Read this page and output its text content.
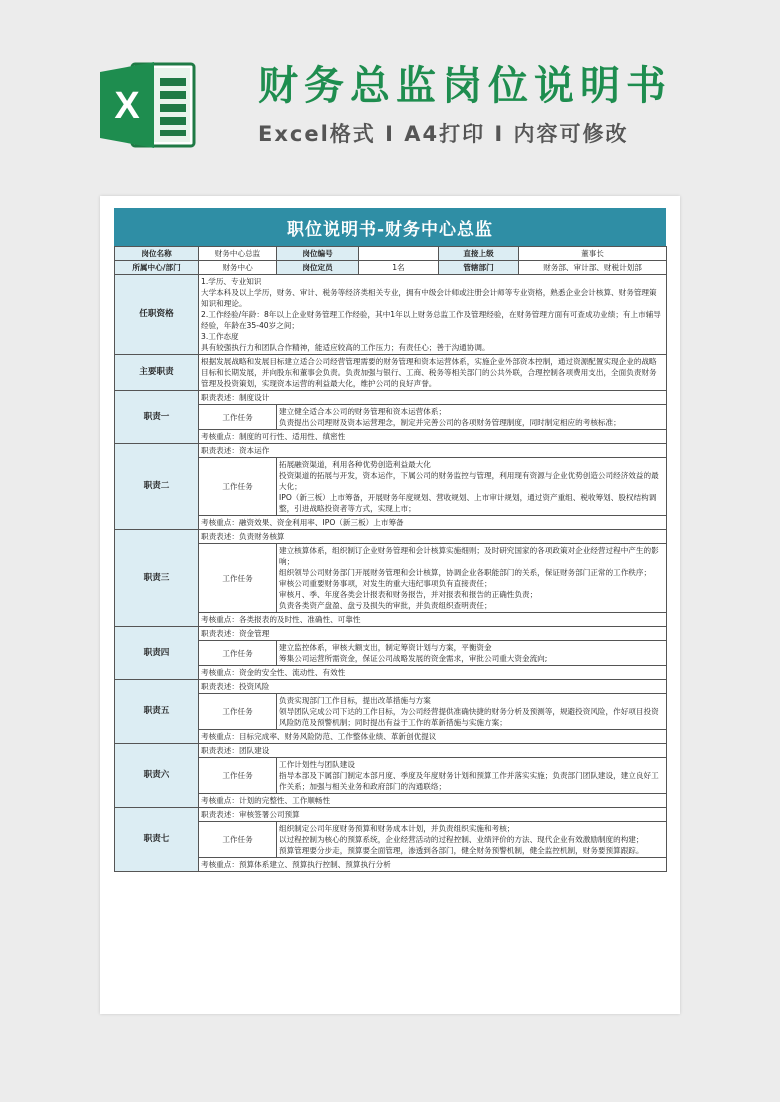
X	财务总监岗位说明书
Excel格式 I A4打印 I 内容可修改
职位说明书-财务中心总监
岗位名称	财务中心总监	岗位编号		直接上级	董事长
所属中心/部门	财务中心	岗位定员	1名	管辖部门	财务部、审计部、财税计划部
任职资格	1.学历、专业知识
大学本科及以上学历，财务、审计、税务等经济类相关专业，拥有中级会计师或注册会计师等专业资格，熟悉企业会计核算、财务管理策知识和理论。
2.工作经验/年龄：8年以上企业财务管理工作经验，其中1年以上财务总监工作及管理经验，在财务管理方面有可查成功业绩；有上市辅导经验，年龄在35-40岁之间；
3.工作态度
具有较强执行力和团队合作精神，能适应较高的工作压力；有责任心；善于沟通协调。				

主要职责	根据发展战略和发展目标建立适合公司经营管理需要的财务管理和资本运营体系，实施企业外部资本控制，通过资源配置实现企业的战略目标和长期发展，并向股东和董事会负责。负责加强与银行、工商、税务等相关部门的公共外联，合理控制各项费用支出，全面负责财务管理及投资策划，实现资本运营的利益最大化，维护公司的良好声誉。				
职责一	职责表述：制度设计				
	工作任务	建立健全适合本公司的财务管理和资本运营体系；
负责提出公司理财及资本运营理念，制定并完善公司的各项财务管理制度，同时制定相应的考核标准；			

	考核重点：制度的可行性、适用性、缜密性				
职责二	职责表述：资本运作				
	工作任务	拓展融资渠道，利用各种优势创造利益最大化
投资渠道的拓展与开发，资本运作，下属公司的财务监控与管理，利用现有资源与企业优势创造公司经济效益的最大化；
IPO（新三板）上市筹备，开展财务年度规划、营收规划、上市审计规划，通过资产重组、税收筹划、股权结构调整，引进战略投资者等方式，实现上市；			

	考核重点：融资效果、资金利用率、IPO（新三板）上市筹备				
职责三	职责表述：负责财务核算				
	工作任务	建立核算体系，组织制订企业财务管理和会计核算实施细则；及时研究国家的各项政策对企业经营过程中产生的影响；
组织领导公司财务部门开展财务管理和会计核算，协调企业各职能部门的关系，保证财务部门正常的工作秩序；
审核公司重要财务事项，对发生的重大违纪事项负有直接责任；
审核月、季、年度各类会计报表和财务报告，并对报表和报告的正确性负责；
负责各类资产盘盈、盘亏及损失的审批，并负责组织查明责任；			

	考核重点：各类报表的及时性、准确性、可靠性				
职责四	职责表述：资金管理				
	工作任务	建立监控体系，审核大额支出，制定筹资计划与方案，平衡资金
筹集公司运营所需资金，保证公司战略发展的资金需求，审批公司重大资金流向;			

	考核重点：资金的安全性、流动性、有效性				
职责五	职责表述：投资风险				
	工作任务	负责实现部门工作目标，提出改革措施与方案
领导团队完成公司下达的工作目标，为公司经营提供准确快捷的财务分析及预测等，规避投资风险，作好项目投资风险防范及预警机制；同时提出有益于工作的革新措施与实施方案；			

	考核重点：目标完成率、财务风险防范、工作整体业绩、革新创优提议				
职责六	职责表述：团队建设				
	工作任务	工作计划性与团队建设
指导本部及下属部门制定本部月度、季度及年度财务计划和预算工作并落实实施；负责部门团队建设，建立良好工作关系；加强与相关业务和政府部门的沟通联络；			

	考核重点：计划的完整性、工作顺畅性				
职责七	职责表述：审核签署公司预算				
	工作任务	组织制定公司年度财务预算和财务成本计划，并负责组织实施和考核；
以过程控制为核心的预算系统，企业经营活动的过程控制、业绩评价的方法、现代企业有效激励制度的构建；
预算管理要分步走，预算要全面管理，渗透到各部门，健全财务预警机制，健全监控机制，财务要预算跟踪。			

	考核重点：预算体系建立、预算执行控制、预算执行分析				
